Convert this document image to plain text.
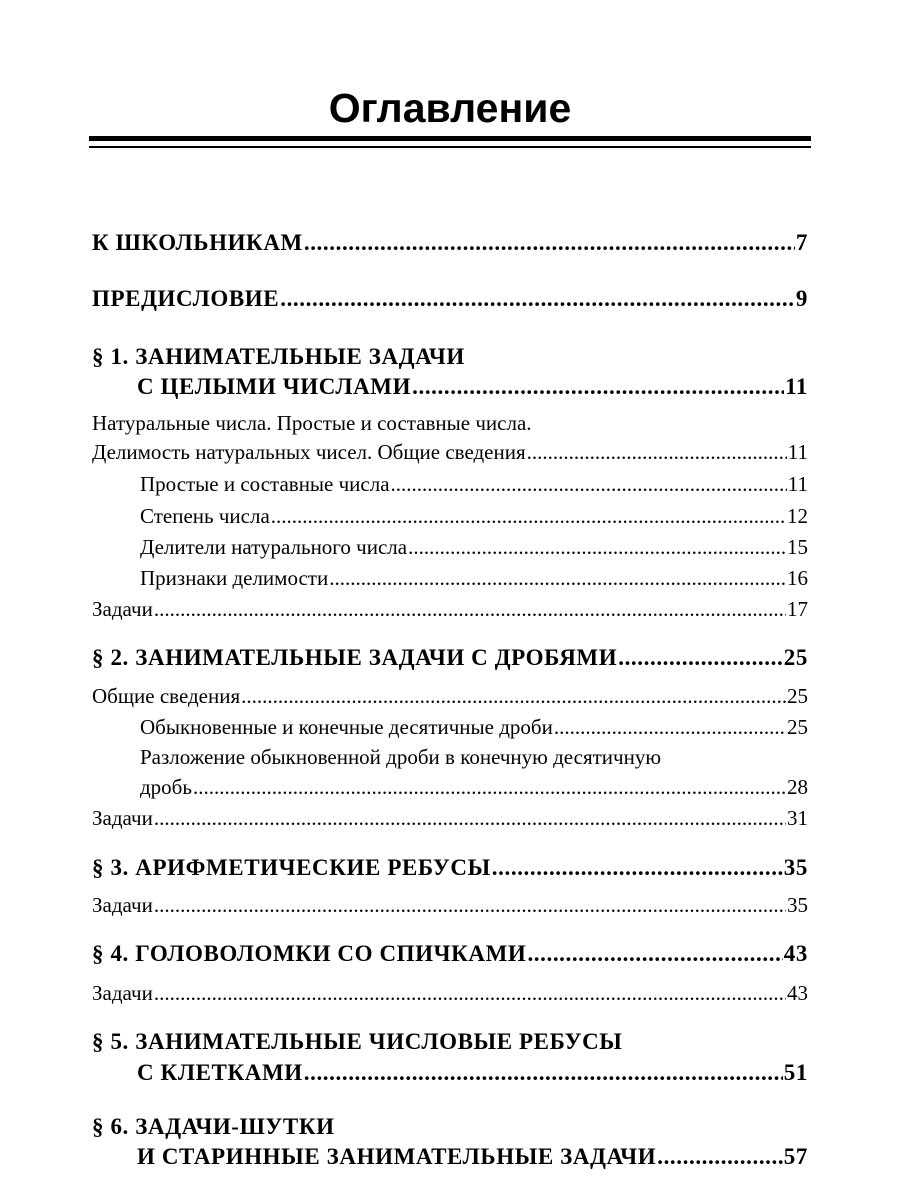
Оглавление
К ШКОЛЬНИКАМ .....	7
ПРЕДИСЛОВИЕ .....	9
§ 1. ЗАНИМАТЕЛЬНЫЕ ЗАДАЧИ
С ЦЕЛЫМИ ЧИСЛАМИ .....	11
Натуральные числа. Простые и составные числа.
Делимость натуральных чисел. Общие сведения .....	11
Простые и составные числа .....	11
Степень числа .....	12
Делители натурального числа .....	15
Признаки делимости .....	16
Задачи .....	17
§ 2. ЗАНИМАТЕЛЬНЫЕ ЗАДАЧИ С ДРОБЯМИ .....	25
Общие сведения .....	25
Обыкновенные и конечные десятичные дроби .....	25
Разложение обыкновенной дроби в конечную десятичную
дробь .....	28
Задачи .....	31
§ 3. АРИФМЕТИЧЕСКИЕ РЕБУСЫ .....	35
Задачи .....	35
§ 4. ГОЛОВОЛОМКИ СО СПИЧКАМИ .....	43
Задачи .....	43
§ 5. ЗАНИМАТЕЛЬНЫЕ ЧИСЛОВЫЕ РЕБУСЫ
С КЛЕТКАМИ .....	51
§ 6. ЗАДАЧИ-ШУТКИ
И СТАРИННЫЕ ЗАНИМАТЕЛЬНЫЕ ЗАДАЧИ .....	57
